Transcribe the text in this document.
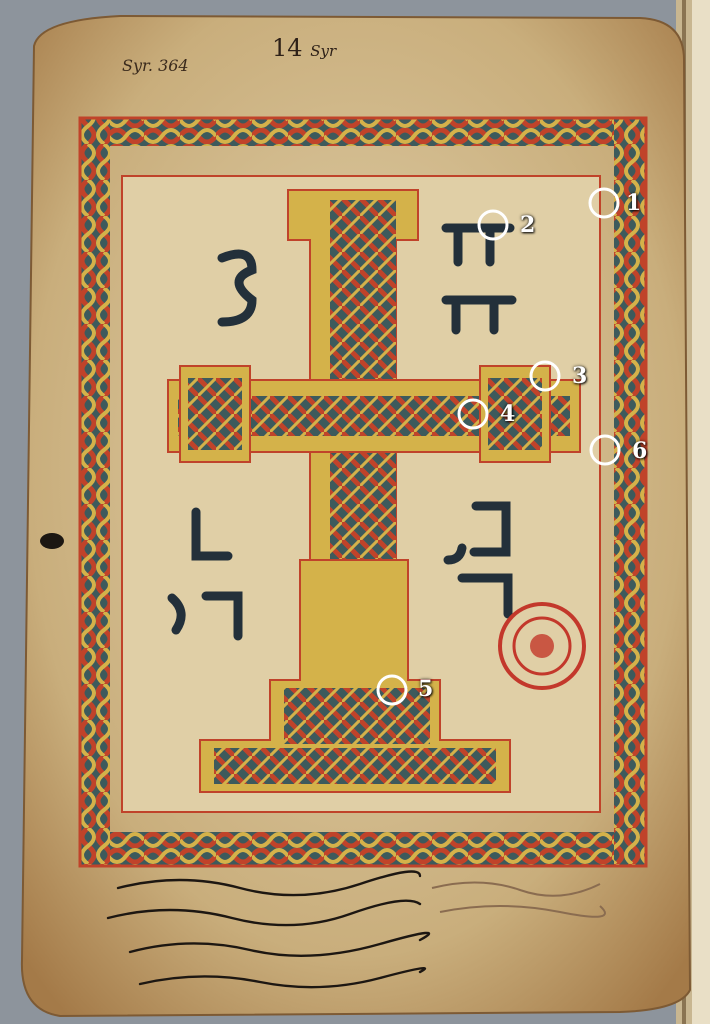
Syr. 364
14 Syr
1
2
3
4
5
6
